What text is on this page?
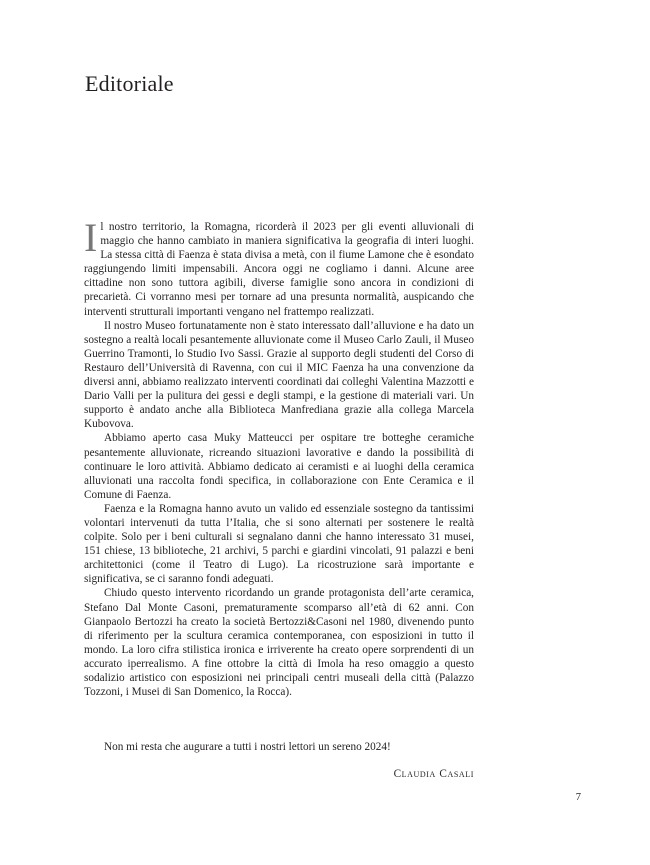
Editoriale

Il nostro territorio, la Romagna, ricorderà il 2023 per gli eventi alluvionali di maggio che hanno cambiato in maniera significativa la geografia di interi luoghi. La stessa città di Faenza è stata divisa a metà, con il fiume Lamone che è esondato raggiungendo limiti impensabili. Ancora oggi ne cogliamo i danni. Alcune aree cittadine non sono tuttora agibili, diverse famiglie sono ancora in condizioni di precarietà. Ci vorranno mesi per tornare ad una presunta normalità, auspicando che interventi strutturali importanti vengano nel frattempo realizzati.

Il nostro Museo fortunatamente non è stato interessato dall’alluvione e ha dato un sostegno a realtà locali pesantemente alluvionate come il Museo Carlo Zauli, il Museo Guerrino Tramonti, lo Studio Ivo Sassi. Grazie al supporto degli studenti del Corso di Restauro dell’Università di Ravenna, con cui il MIC Faenza ha una convenzione da diversi anni, abbiamo realizzato interventi coordinati dai colleghi Valentina Mazzotti e Dario Valli per la pulitura dei gessi e degli stampi, e la gestione di materiali vari. Un supporto è andato anche alla Biblioteca Manfrediana grazie alla collega Marcela Kubovova.

Abbiamo aperto casa Muky Matteucci per ospitare tre botteghe ceramiche pesantemente alluvionate, ricreando situazioni lavorative e dando la possibilità di continuare le loro attività. Abbiamo dedicato ai ceramisti e ai luoghi della ceramica alluvionati una raccolta fondi specifica, in collaborazione con Ente Ceramica e il Comune di Faenza.

Faenza e la Romagna hanno avuto un valido ed essenziale sostegno da tantissimi volontari intervenuti da tutta l’Italia, che si sono alternati per sostenere le realtà colpite. Solo per i beni culturali si segnalano danni che hanno interessato 31 musei, 151 chiese, 13 biblioteche, 21 archivi, 5 parchi e giardini vincolati, 91 palazzi e beni architettonici (come il Teatro di Lugo). La ricostruzione sarà importante e significativa, se ci saranno fondi adeguati.

Chiudo questo intervento ricordando un grande protagonista dell’arte ceramica, Stefano Dal Monte Casoni, prematuramente scomparso all’età di 62 anni. Con Gianpaolo Bertozzi ha creato la società Bertozzi&Casoni nel 1980, divenendo punto di riferimento per la scultura ceramica contemporanea, con esposizioni in tutto il mondo. La loro cifra stilistica ironica e irriverente ha creato opere sorprendenti di un accurato iperrealismo. A fine ottobre la città di Imola ha reso omaggio a questo sodalizio artistico con esposizioni nei principali centri museali della città (Palazzo Tozzoni, i Musei di San Domenico, la Rocca).

Non mi resta che augurare a tutti i nostri lettori un sereno 2024!

Claudia Casali

7
